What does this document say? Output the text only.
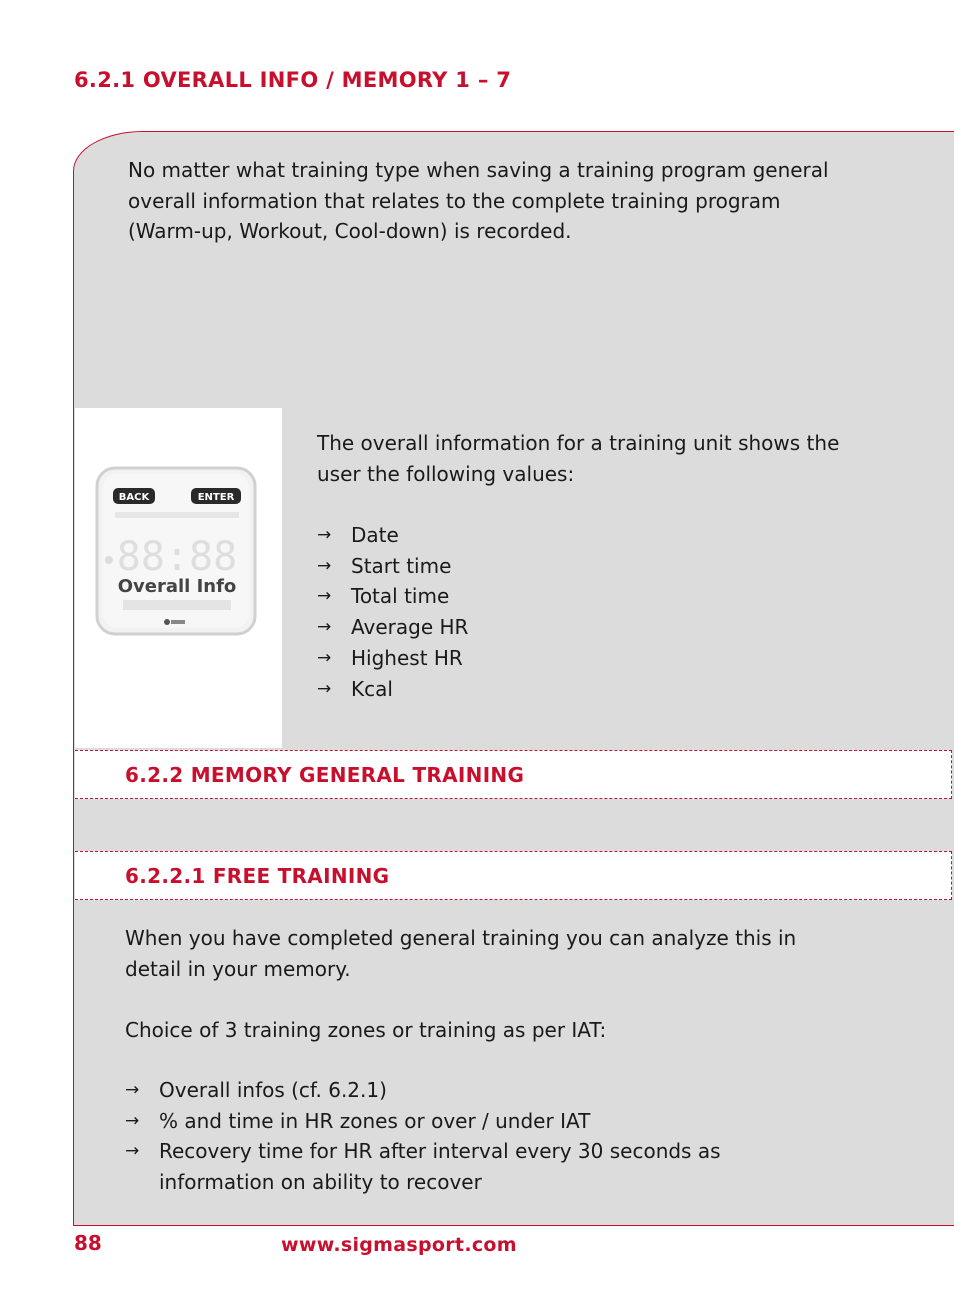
6.2.1 OVERALL INFO / MEMORY 1 – 7

No matter what training type when saving a training program general overall information that relates to the complete training program (Warm-up, Workout, Cool-down) is recorded.

BACK	ENTER
88:88
Overall Info

The overall information for a training unit shows the user the following values:

→ Date
→ Start time
→ Total time
→ Average HR
→ Highest HR
→ Kcal
6.2.2 MEMORY GENERAL TRAINING
6.2.2.1 FREE TRAINING

When you have completed general training you can analyze this in detail in your memory.

Choice of 3 training zones or training as per IAT:

→ Overall infos (cf. 6.2.1)
→ % and time in HR zones or over / under IAT
→ Recovery time for HR after interval every 30 seconds as information on ability to recover
88	www.sigmasport.com
